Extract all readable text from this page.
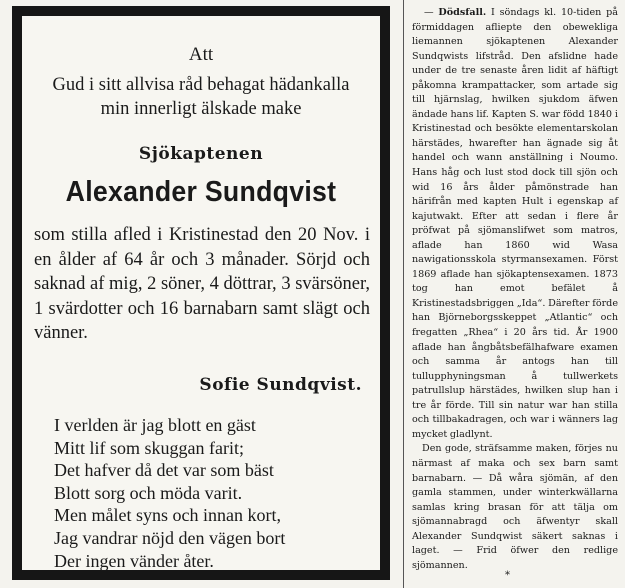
Att
Gud i sitt allvisa råd behagat hädankalla
min innerligt älskade make
Sjökaptenen
Alexander Sundqvist
som stilla afled i Kristinestad den 20 Nov. i en ålder af 64 år och 3 månader. Sörjd och saknad af mig, 2 söner, 4 döttrar, 3 svärsöner, 1 svärdotter och 16 barnabarn samt slägt och vänner.
Sofie Sundqvist.
I verlden är jag blott en gäst
Mitt lif som skuggan farit;
Det hafver då det var som bäst
Blott sorg och möda varit.
Men målet syns och innan kort,
Jag vandrar nöjd den vägen bort
Der ingen vänder åter.

— Dödsfall. I söndags kl. 10-tiden på förmiddagen afliepte den obewekliga liemannen sjökaptenen Alexander Sundqwists lifstråd. Den afslidne hade under de tre senaste åren lidit af häftigt påkomna krampattacker, som artade sig till hjärnslag, hwilken sjukdom äfwen ändade hans lif. Kapten S. war född 1840 i Kristinestad och besökte elementarskolan härstädes, hwarefter han ägnade sig åt handel och wann anställning i Noumo. Hans håg och lust stod dock till sjön och wid 16 års ålder påmönstrade han härifrån med kapten Hult i egenskap af kajutwakt. Efter att sedan i flere år pröfwat på sjömanslifwet som matros, aflade han 1860 wid Wasa nawigationsskola styrmansexamen. Först 1869 aflade han sjökaptensexamen. 1873 tog han emot befälet å Kristinestadsbriggen „Ida“. Därefter förde han Björneborgsskeppet „Atlantic“ och fregatten „Rhea“ i 20 års tid. År 1900 aflade han ångbåtsbefälhafware examen och samma år antogs han till tullupphyningsman å tullwerkets patrullslup härstädes, hwilken slup han i tre år förde. Till sin natur war han stilla och tillbakadragen, och war i wänners lag mycket gladlynt.

Den gode, sträfsamme maken, förjes nu närmast af maka och sex barn samt barnabarn. — Då wåra sjömän, af den gamla stammen, under winterkwällarna samlas kring brasan för att tälja om sjömannabragd och äfwentyr skall Alexander Sundqwist säkert saknas i laget. — Frid öfwer den redlige sjömannen.

*
